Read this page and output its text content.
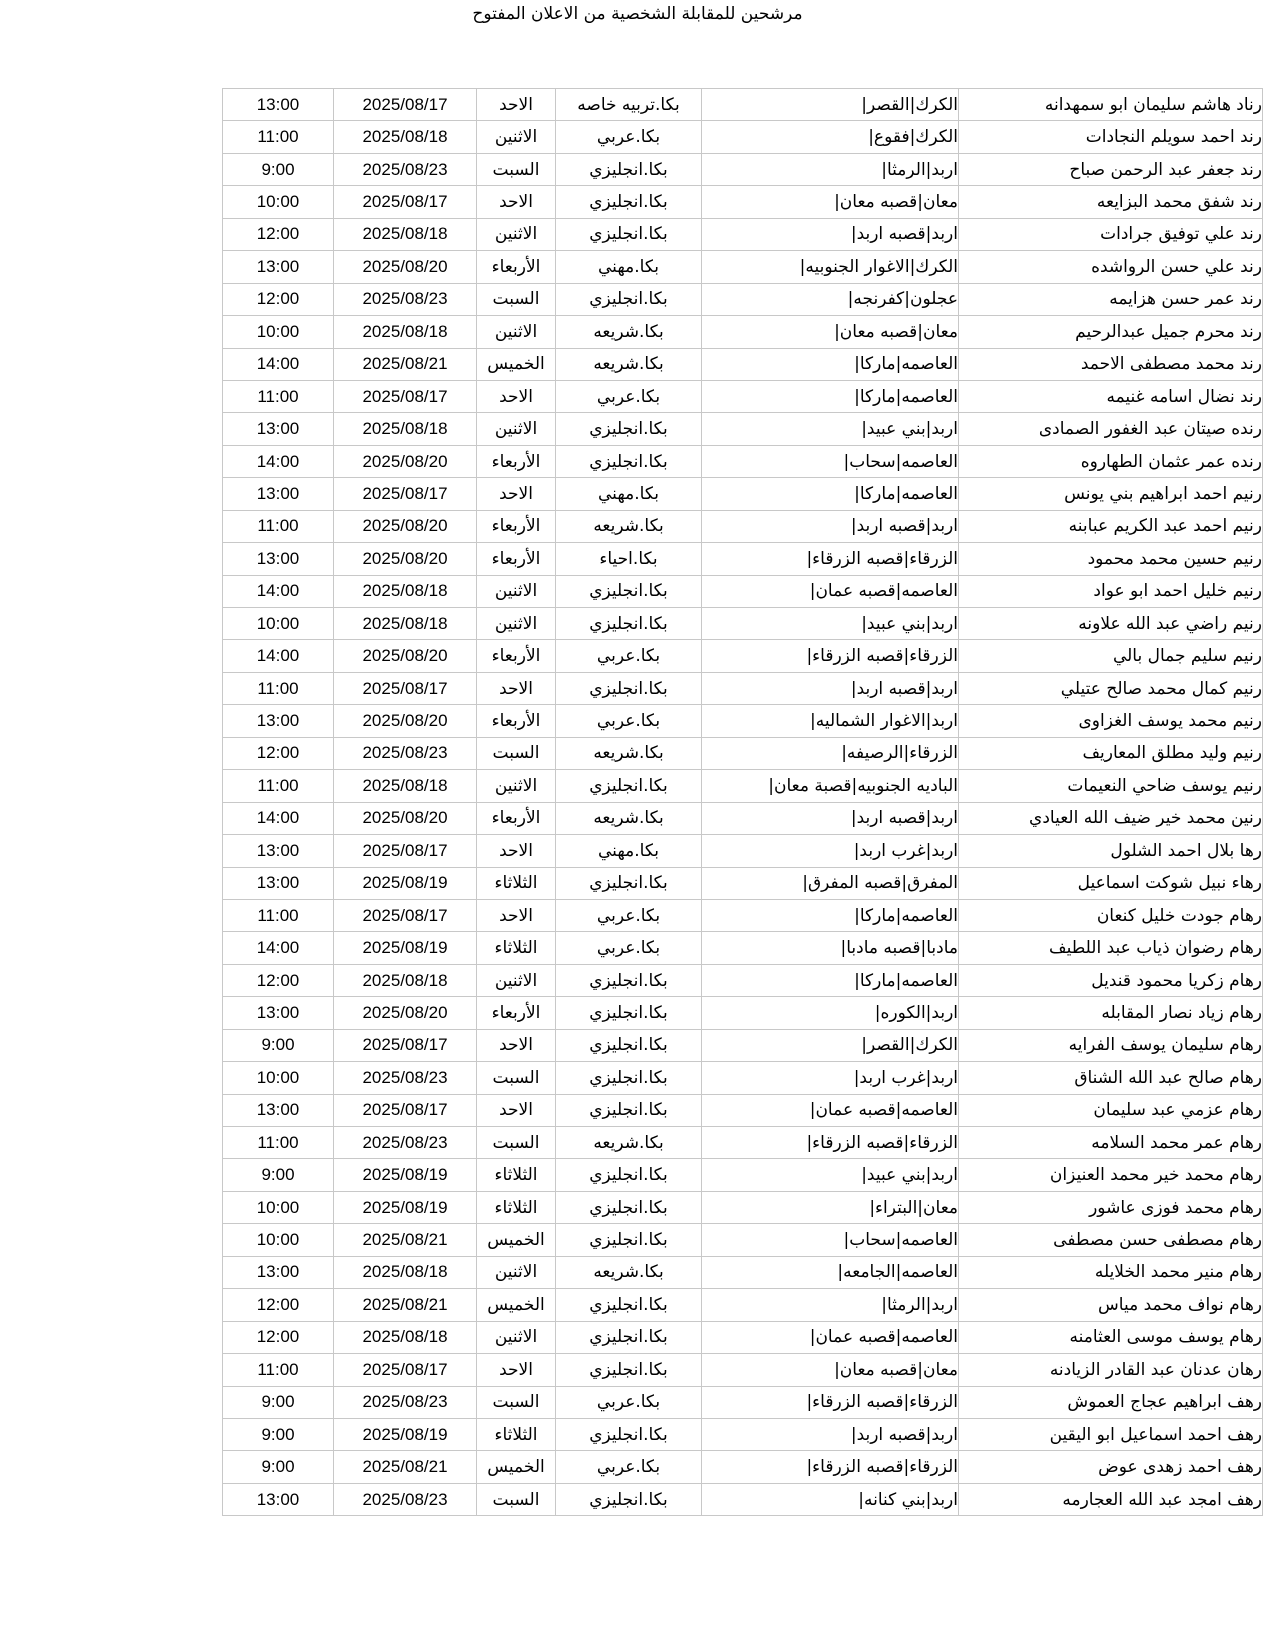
مرشحين للمقابلة الشخصية من الاعلان المفتوح
13:00	2025/08/17	الاحد	بكا.تربيه خاصه	الكرك|القصر|	رناد هاشم سليمان ابو سمهدانه
11:00	2025/08/18	الاثنين	بكا.عربي	الكرك|فقوع|	رند احمد سويلم النجادات
9:00	2025/08/23	السبت	بكا.انجليزي	اربد|الرمثا|	رند جعفر عبد الرحمن صباح
10:00	2025/08/17	الاحد	بكا.انجليزي	معان|قصبه معان|	رند شفق محمد البزايعه
12:00	2025/08/18	الاثنين	بكا.انجليزي	اربد|قصبه اربد|	رند علي توفيق جرادات
13:00	2025/08/20	الأربعاء	بكا.مهني	الكرك|الاغوار الجنوبيه|	رند علي حسن الرواشده
12:00	2025/08/23	السبت	بكا.انجليزي	عجلون|كفرنجه|	رند عمر حسن هزايمه
10:00	2025/08/18	الاثنين	بكا.شريعه	معان|قصبه معان|	رند محرم جميل عبدالرحيم
14:00	2025/08/21	الخميس	بكا.شريعه	العاصمه|ماركا|	رند محمد مصطفى الاحمد
11:00	2025/08/17	الاحد	بكا.عربي	العاصمه|ماركا|	رند نضال اسامه غنيمه
13:00	2025/08/18	الاثنين	بكا.انجليزي	اربد|بني عبيد|	رنده صيتان عبد الغفور الصمادى
14:00	2025/08/20	الأربعاء	بكا.انجليزي	العاصمه|سحاب|	رنده عمر عثمان الطهاروه
13:00	2025/08/17	الاحد	بكا.مهني	العاصمه|ماركا|	رنيم احمد ابراهيم بني يونس
11:00	2025/08/20	الأربعاء	بكا.شريعه	اربد|قصبه اربد|	رنيم احمد عبد الكريم عبابنه
13:00	2025/08/20	الأربعاء	بكا.احياء	الزرقاء|قصبه الزرقاء|	رنيم حسين محمد محمود
14:00	2025/08/18	الاثنين	بكا.انجليزي	العاصمه|قصبه عمان|	رنيم خليل احمد ابو عواد
10:00	2025/08/18	الاثنين	بكا.انجليزي	اربد|بني عبيد|	رنيم راضي عبد الله علاونه
14:00	2025/08/20	الأربعاء	بكا.عربي	الزرقاء|قصبه الزرقاء|	رنيم سليم جمال بالي
11:00	2025/08/17	الاحد	بكا.انجليزي	اربد|قصبه اربد|	رنيم كمال محمد صالح عتيلي
13:00	2025/08/20	الأربعاء	بكا.عربي	اربد|الاغوار الشماليه|	رنيم محمد يوسف الغزاوى
12:00	2025/08/23	السبت	بكا.شريعه	الزرقاء|الرصيفه|	رنيم وليد مطلق المعاريف
11:00	2025/08/18	الاثنين	بكا.انجليزي	الباديه الجنوبيه|قصبة معان|	رنيم يوسف ضاحي النعيمات
14:00	2025/08/20	الأربعاء	بكا.شريعه	اربد|قصبه اربد|	رنين محمد خير ضيف الله العيادي
13:00	2025/08/17	الاحد	بكا.مهني	اربد|غرب اربد|	رها بلال احمد الشلول
13:00	2025/08/19	الثلاثاء	بكا.انجليزي	المفرق|قصبه المفرق|	رهاء نبيل شوكت اسماعيل
11:00	2025/08/17	الاحد	بكا.عربي	العاصمه|ماركا|	رهام جودت خليل كنعان
14:00	2025/08/19	الثلاثاء	بكا.عربي	مادبا|قصبه مادبا|	رهام رضوان ذياب عبد اللطيف
12:00	2025/08/18	الاثنين	بكا.انجليزي	العاصمه|ماركا|	رهام زكريا محمود قنديل
13:00	2025/08/20	الأربعاء	بكا.انجليزي	اربد|الكوره|	رهام زياد نصار المقابله
9:00	2025/08/17	الاحد	بكا.انجليزي	الكرك|القصر|	رهام سليمان يوسف الفرايه
10:00	2025/08/23	السبت	بكا.انجليزي	اربد|غرب اربد|	رهام صالح عبد الله الشناق
13:00	2025/08/17	الاحد	بكا.انجليزي	العاصمه|قصبه عمان|	رهام عزمي عبد سليمان
11:00	2025/08/23	السبت	بكا.شريعه	الزرقاء|قصبه الزرقاء|	رهام عمر محمد السلامه
9:00	2025/08/19	الثلاثاء	بكا.انجليزي	اربد|بني عبيد|	رهام محمد خير محمد العنيزان
10:00	2025/08/19	الثلاثاء	بكا.انجليزي	معان|البتراء|	رهام محمد فوزى عاشور
10:00	2025/08/21	الخميس	بكا.انجليزي	العاصمه|سحاب|	رهام مصطفى حسن مصطفى
13:00	2025/08/18	الاثنين	بكا.شريعه	العاصمه|الجامعه|	رهام منير محمد الخلايله
12:00	2025/08/21	الخميس	بكا.انجليزي	اربد|الرمثا|	رهام نواف محمد مياس
12:00	2025/08/18	الاثنين	بكا.انجليزي	العاصمه|قصبه عمان|	رهام يوسف موسى العثامنه
11:00	2025/08/17	الاحد	بكا.انجليزي	معان|قصبه معان|	رهان عدنان عبد القادر الزيادنه
9:00	2025/08/23	السبت	بكا.عربي	الزرقاء|قصبه الزرقاء|	رهف ابراهيم عجاج العموش
9:00	2025/08/19	الثلاثاء	بكا.انجليزي	اربد|قصبه اربد|	رهف احمد اسماعيل ابو اليقين
9:00	2025/08/21	الخميس	بكا.عربي	الزرقاء|قصبه الزرقاء|	رهف احمد زهدى عوض
13:00	2025/08/23	السبت	بكا.انجليزي	اربد|بني كنانه|	رهف امجد عبد الله العجارمه
